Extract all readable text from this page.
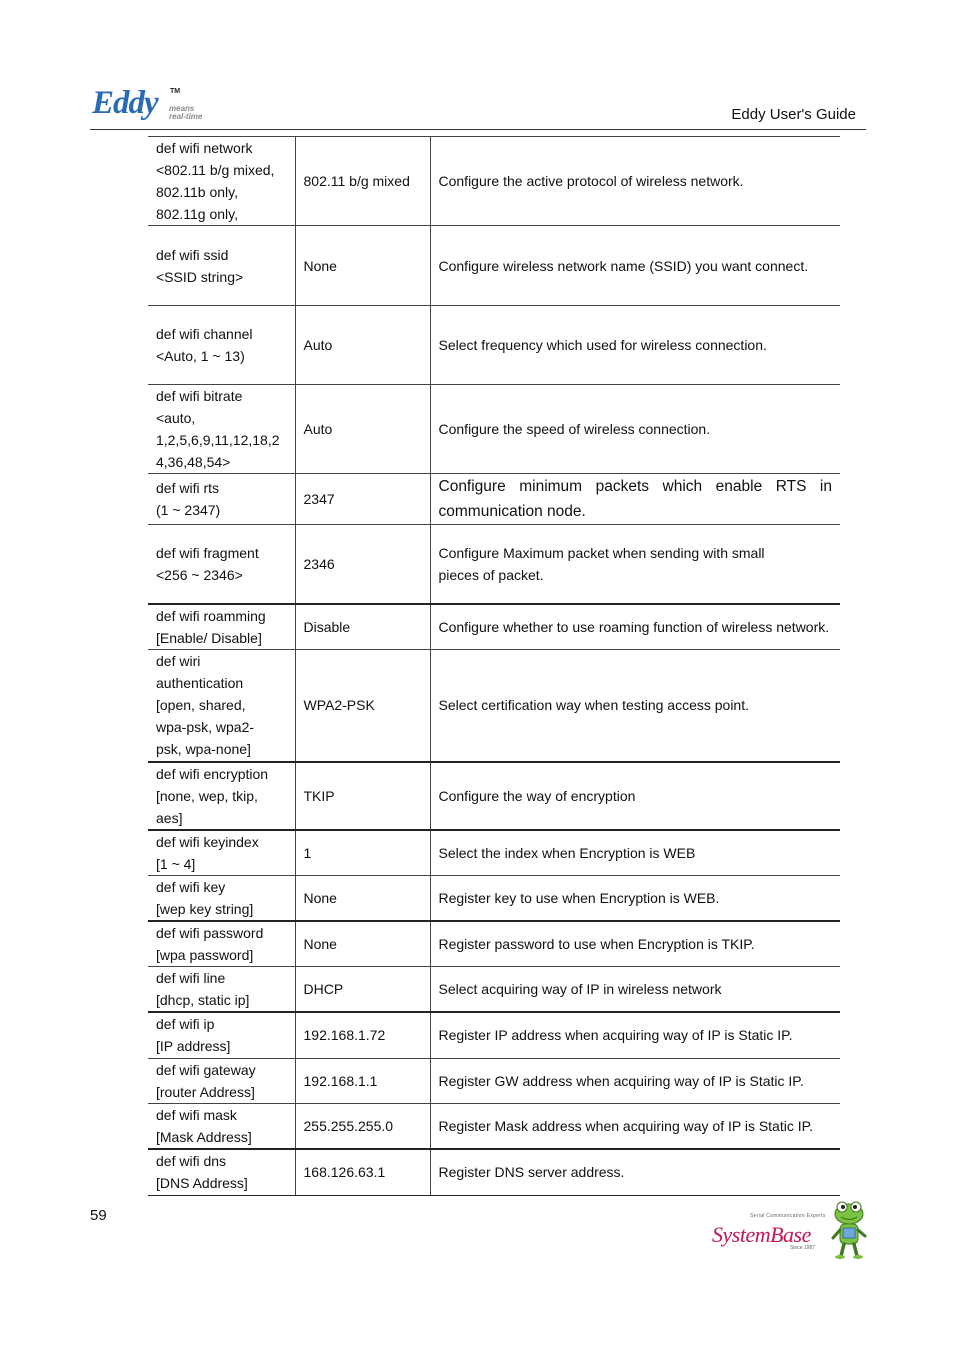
Eddy TM
means
real-time	Eddy User's Guide
def wifi network
<802.11 b/g mixed,
802.11b only,
802.11g only,	802.11 b/g mixed	Configure the active protocol of wireless network.
def wifi ssid
<SSID string>	None	Configure wireless network name (SSID) you want connect.
def wifi channel
<Auto, 1 ~ 13)	Auto	Select frequency which used for wireless connection.
def wifi bitrate
<auto,
1,2,5,6,9,11,12,18,24,36,48,54>	Auto	Configure the speed of wireless connection.
def wifi rts
(1 ~ 2347)	2347	Configure minimum packets which enable RTS in communication node.
def wifi fragment
<256 ~ 2346>	2346	Configure Maximum packet when sending with small
pieces of packet.
def wifi roamming
[Enable/ Disable]	Disable	Configure whether to use roaming function of wireless network.
def wiri
authentication
[open, shared,
wpa-psk, wpa2-
psk, wpa-none]	WPA2-PSK	Select certification way when testing access point.
def wifi encryption
[none, wep, tkip,
aes]	TKIP	Configure the way of encryption
def wifi keyindex
[1 ~ 4]	1	Select the index when Encryption is WEB
def wifi key
[wep key string]	None	Register key to use when Encryption is WEB.
def wifi password
[wpa password]	None	Register password to use when Encryption is TKIP.
def wifi line
[dhcp, static ip]	DHCP	Select acquiring way of IP in wireless network
def wifi ip
[IP address]	192.168.1.72	Register IP address when acquiring way of IP is Static IP.
def wifi gateway
[router Address]	192.168.1.1	Register GW address when acquiring way of IP is Static IP.
def wifi mask
[Mask Address]	255.255.255.0	Register Mask address when acquiring way of IP is Static IP.
def wifi dns
[DNS Address]	168.126.63.1	Register DNS server address.
59	Serial Communication Experts
SystemBase
Since 1987
